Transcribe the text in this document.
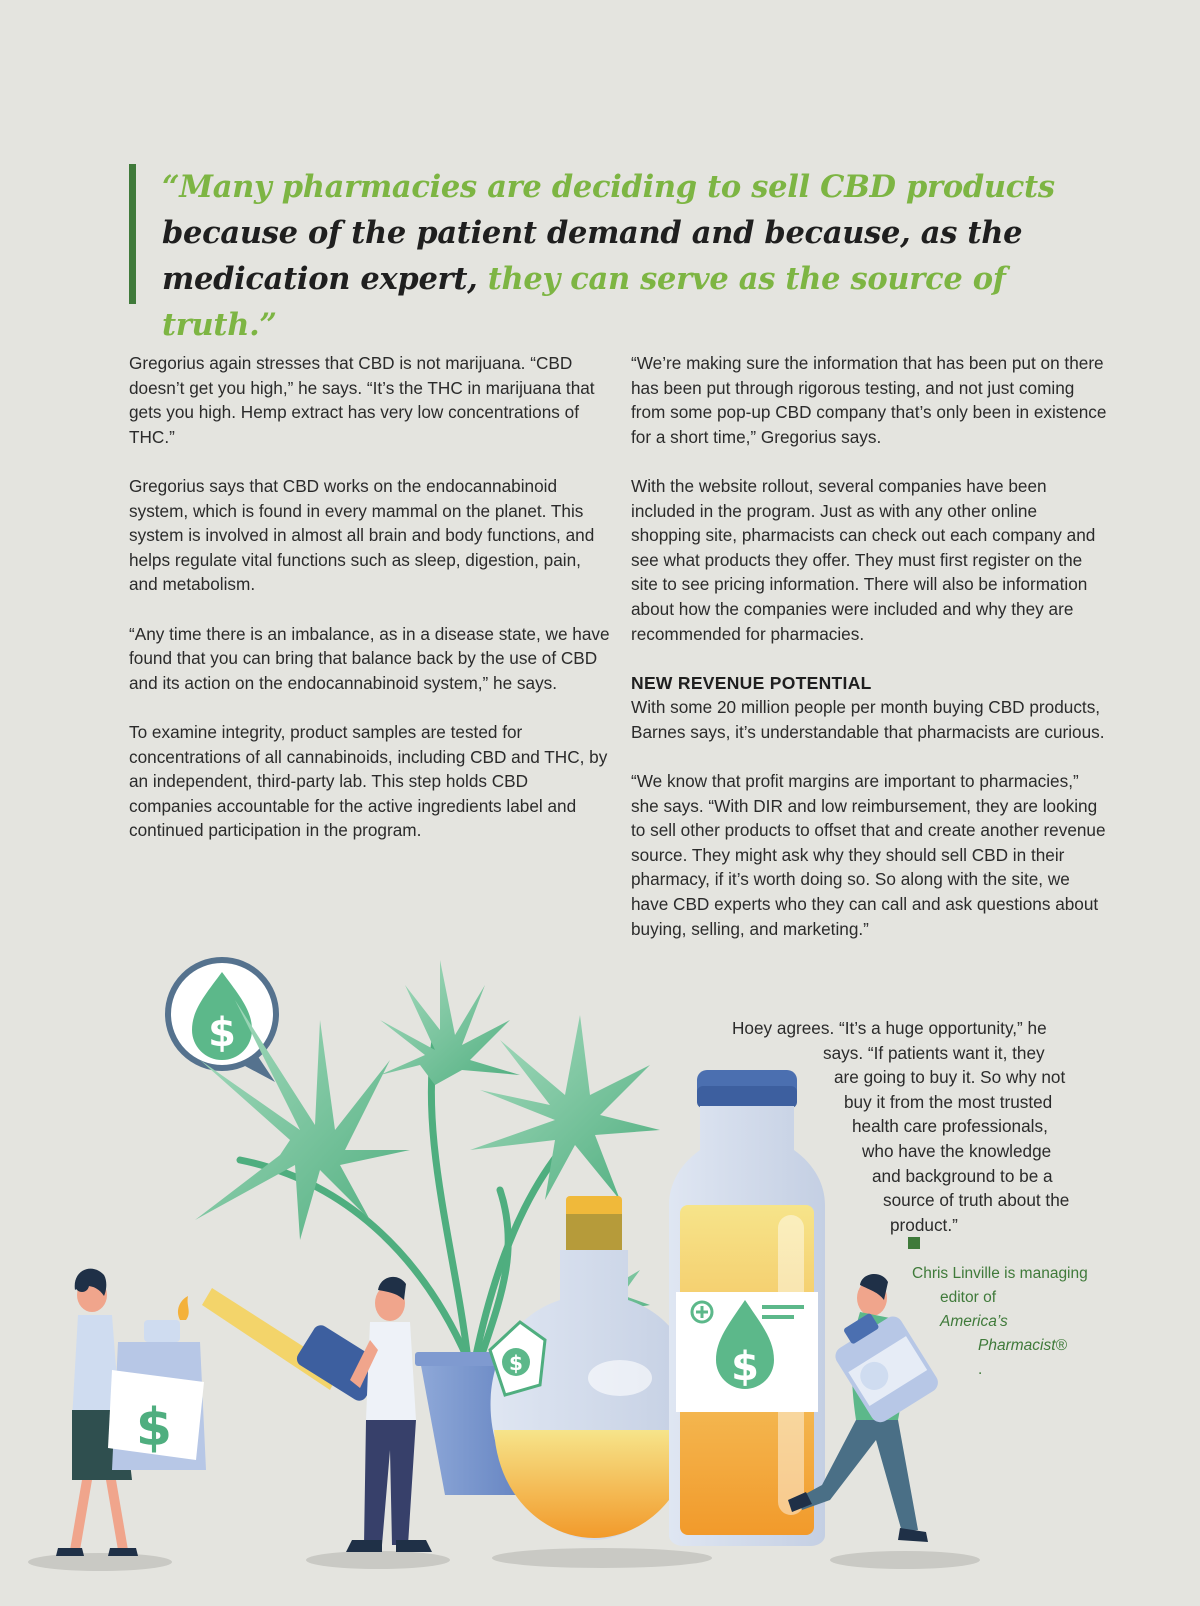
$
$	$
$

“Many pharmacies are deciding to sell CBD products
because of the patient demand and because, as the
medication expert, they can serve as the source of truth.”

Gregorius again stresses that CBD is not marijuana. “CBD doesn’t get you high,” he says. “It’s the THC in marijuana that gets you high. Hemp extract has very low concentrations of THC.”

Gregorius says that CBD works on the endocannabinoid system, which is found in every mammal on the planet. This system is involved in almost all brain and body functions, and helps regulate vital functions such as sleep, digestion, pain, and metabolism.

“Any time there is an imbalance, as in a disease state, we have found that you can bring that balance back by the use of CBD and its action on the endocannabinoid system,” he says.

To examine integrity, product samples are tested for concentrations of all cannabinoids, including CBD and THC, by an independent, third-party lab. This step holds CBD companies accountable for the active ingredients label and continued participation in the program.

“We’re making sure the information that has been put on there has been put through rigorous testing, and not just coming from some pop-up CBD company that’s only been in existence for a short time,” Gregorius says.

With the website rollout, several companies have been included in the program. Just as with any other online shopping site, pharmacists can check out each company and see what products they offer. They must first register on the site to see pricing information. There will also be information about how the companies were included and why they are recommended for pharmacies.

NEW REVENUE POTENTIAL

With some 20 million people per month buying CBD products, Barnes says, it’s understandable that pharmacists are curious.

“We know that profit margins are important to pharmacies,” she says. “With DIR and low reimbursement, they are looking to sell other products to offset that and create another revenue source. They might ask why they should sell CBD in their pharmacy, if it’s worth doing so. So along with the site, we have CBD experts who they can call and ask questions about buying, selling, and marketing.”

Hoey agrees. “It’s a huge opportunity,” he
says. “If patients want it, they
are going to buy it. So why not
buy it from the most trusted
health care professionals,
who have the knowledge
and background to be a
source of truth about the
product.”
Chris Linville is managing
editor of
America’s
Pharmacist®
.
